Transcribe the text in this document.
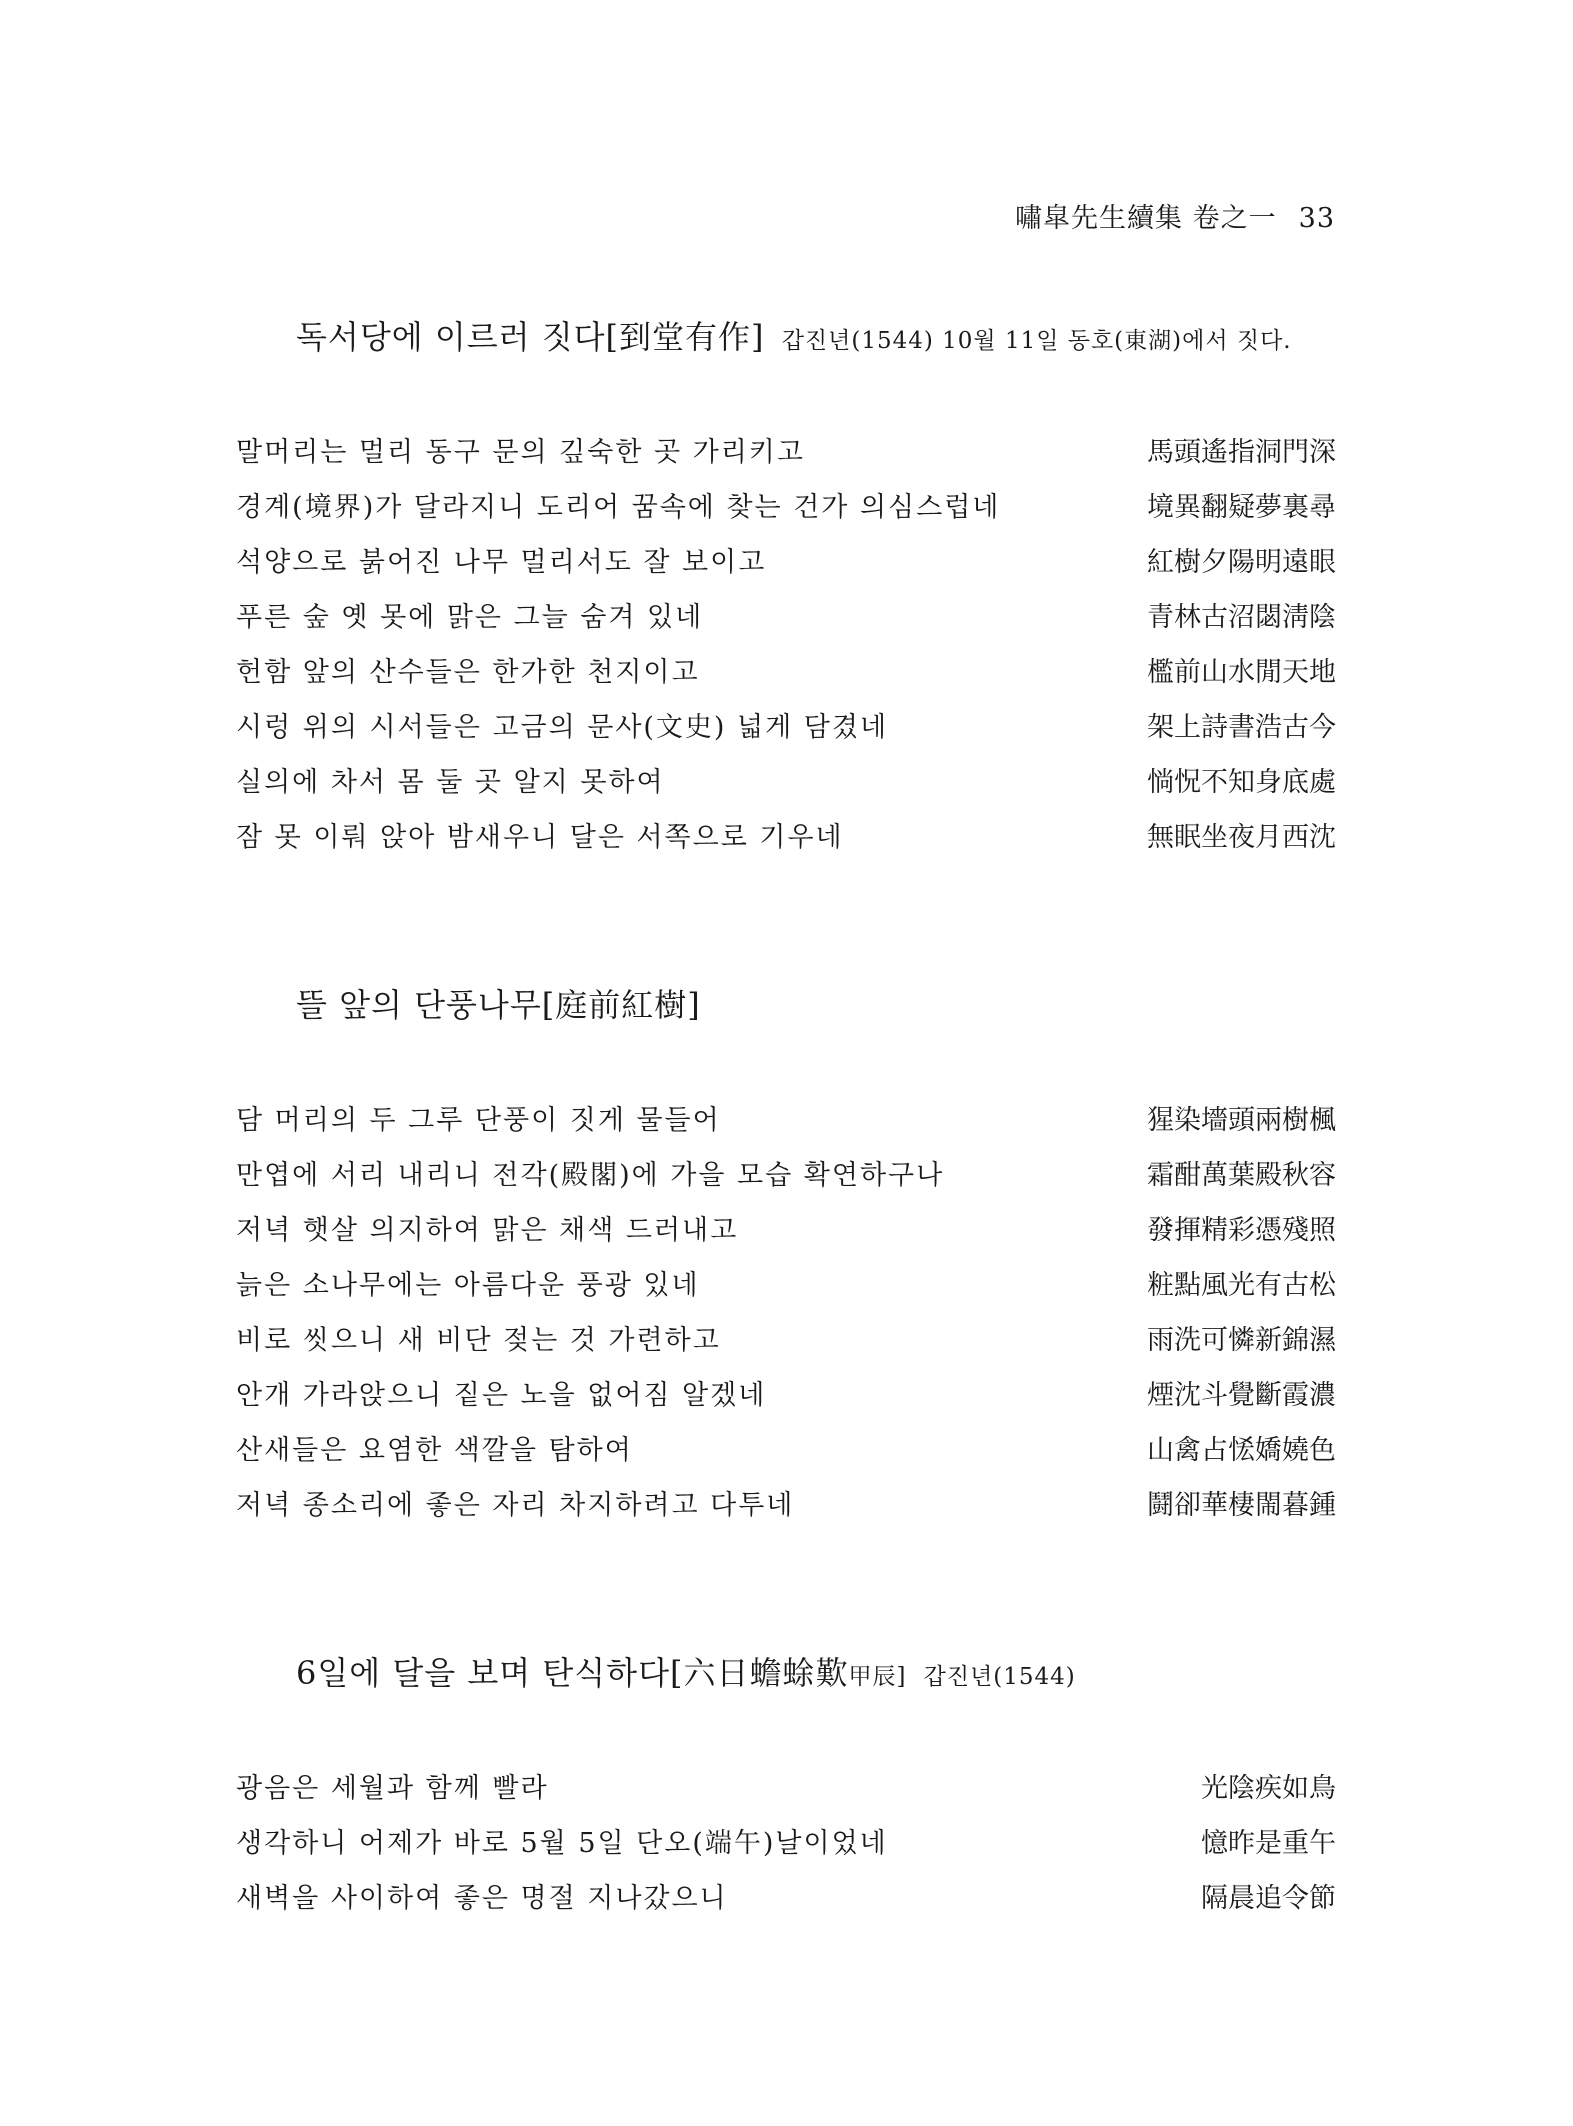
嘯皐先生續集 卷之一 33
독서당에 이르러 짓다[到堂有作] 갑진년(1544) 10월 11일 동호(東湖)에서 짓다.
말머리는 멀리 동구 문의 깊숙한 곳 가리키고	馬頭遙指洞門深
경계(境界)가 달라지니 도리어 꿈속에 찾는 건가 의심스럽네	境異翻疑夢裏尋
석양으로 붉어진 나무 멀리서도 잘 보이고	紅樹夕陽明遠眼
푸른 숲 옛 못에 맑은 그늘 숨겨 있네	青林古沼閟淸陰
헌함 앞의 산수들은 한가한 천지이고	檻前山水閒天地
시렁 위의 시서들은 고금의 문사(文史) 넓게 담겼네	架上詩書浩古今
실의에 차서 몸 둘 곳 알지 못하여	惝怳不知身底處
잠 못 이뤄 앉아 밤새우니 달은 서쪽으로 기우네	無眠坐夜月西沈
뜰 앞의 단풍나무[庭前紅樹]
담 머리의 두 그루 단풍이 짓게 물들어	猩染墻頭兩樹楓
만엽에 서리 내리니 전각(殿閣)에 가을 모습 확연하구나	霜酣萬葉殿秋容
저녁 햇살 의지하여 맑은 채색 드러내고	發揮精彩憑殘照
늙은 소나무에는 아름다운 풍광 있네	粧點風光有古松
비로 씻으니 새 비단 젖는 것 가련하고	雨洗可憐新錦濕
안개 가라앉으니 짙은 노을 없어짐 알겠네	煙沈斗覺斷霞濃
산새들은 요염한 색깔을 탐하여	山禽占恡嬌嬈色
저녁 종소리에 좋은 자리 차지하려고 다투네	鬪卻華棲閙暮鍾
6일에 달을 보며 탄식하다[六日蟾蜍歎甲辰] 갑진년(1544)
광음은 세월과 함께 빨라	光陰疾如鳥
생각하니 어제가 바로 5월 5일 단오(端午)날이었네	憶昨是重午
새벽을 사이하여 좋은 명절 지나갔으니	隔晨追令節
